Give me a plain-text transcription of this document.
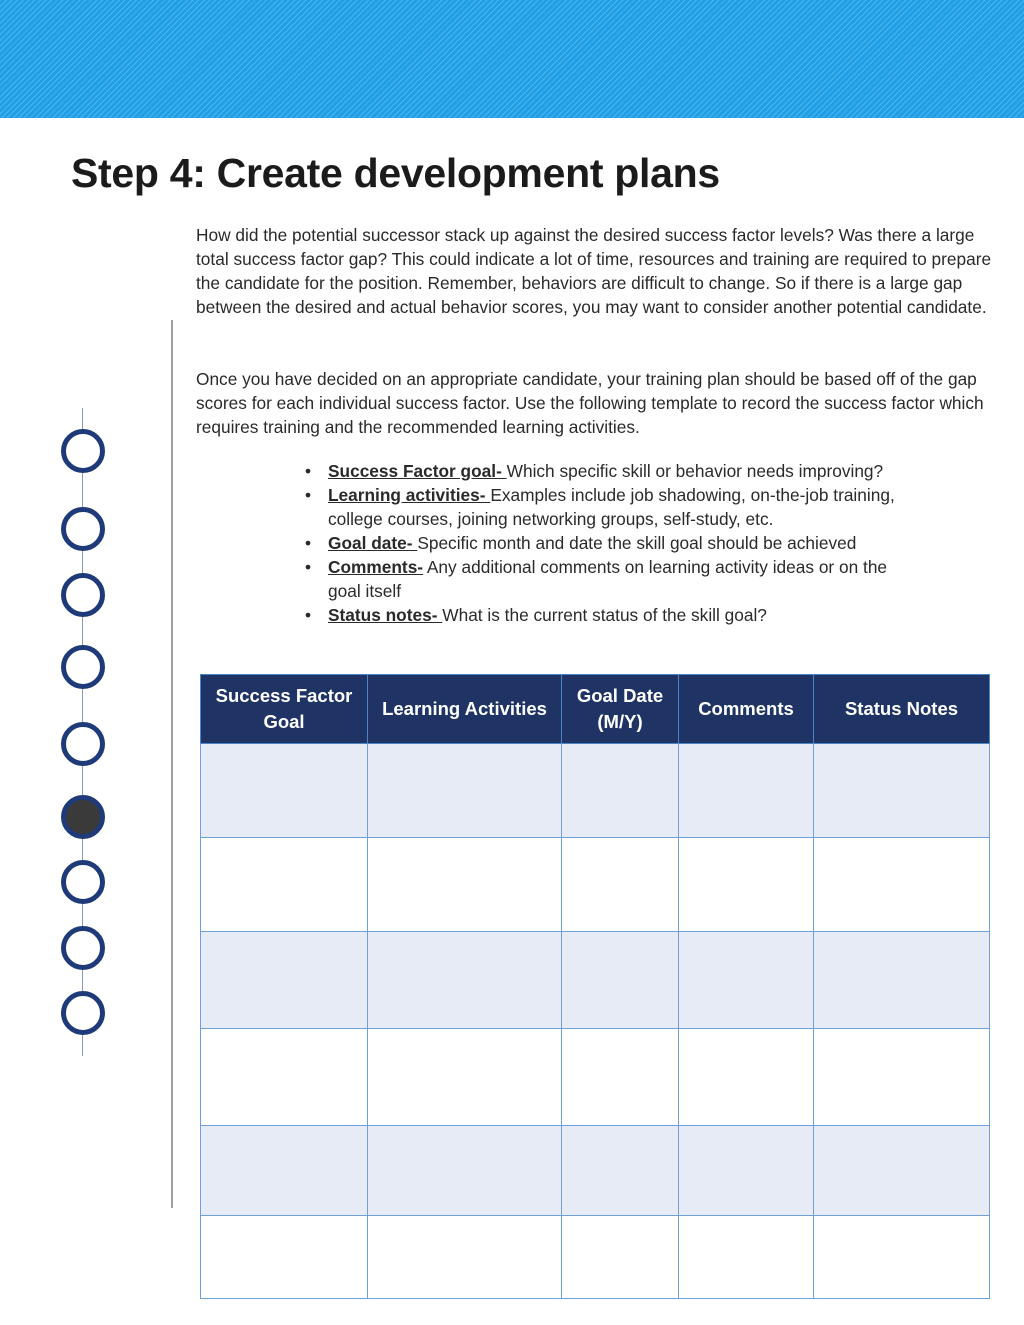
Step 4: Create development plans

How did the potential successor stack up against the desired success factor levels? Was there a large total success factor gap? This could indicate a lot of time, resources and training are required to prepare the candidate for the position. Remember, behaviors are difficult to change. So if there is a large gap between the desired and actual behavior scores, you may want to consider another potential candidate.

Once you have decided on an appropriate candidate, your training plan should be based off of the gap scores for each individual success factor. Use the following template to record the success factor which requires training and the recommended learning activities.

• Success Factor goal- Which specific skill or behavior needs improving?
• Learning activities- Examples include job shadowing, on-the-job training, college courses, joining networking groups, self-study, etc.
• Goal date- Specific month and date the skill goal should be achieved
• Comments- Any additional comments on learning activity ideas or on the goal itself
• Status notes- What is the current status of the skill goal?
Success Factor Goal	Learning Activities	Goal Date (M/Y)	Comments	Status Notes
